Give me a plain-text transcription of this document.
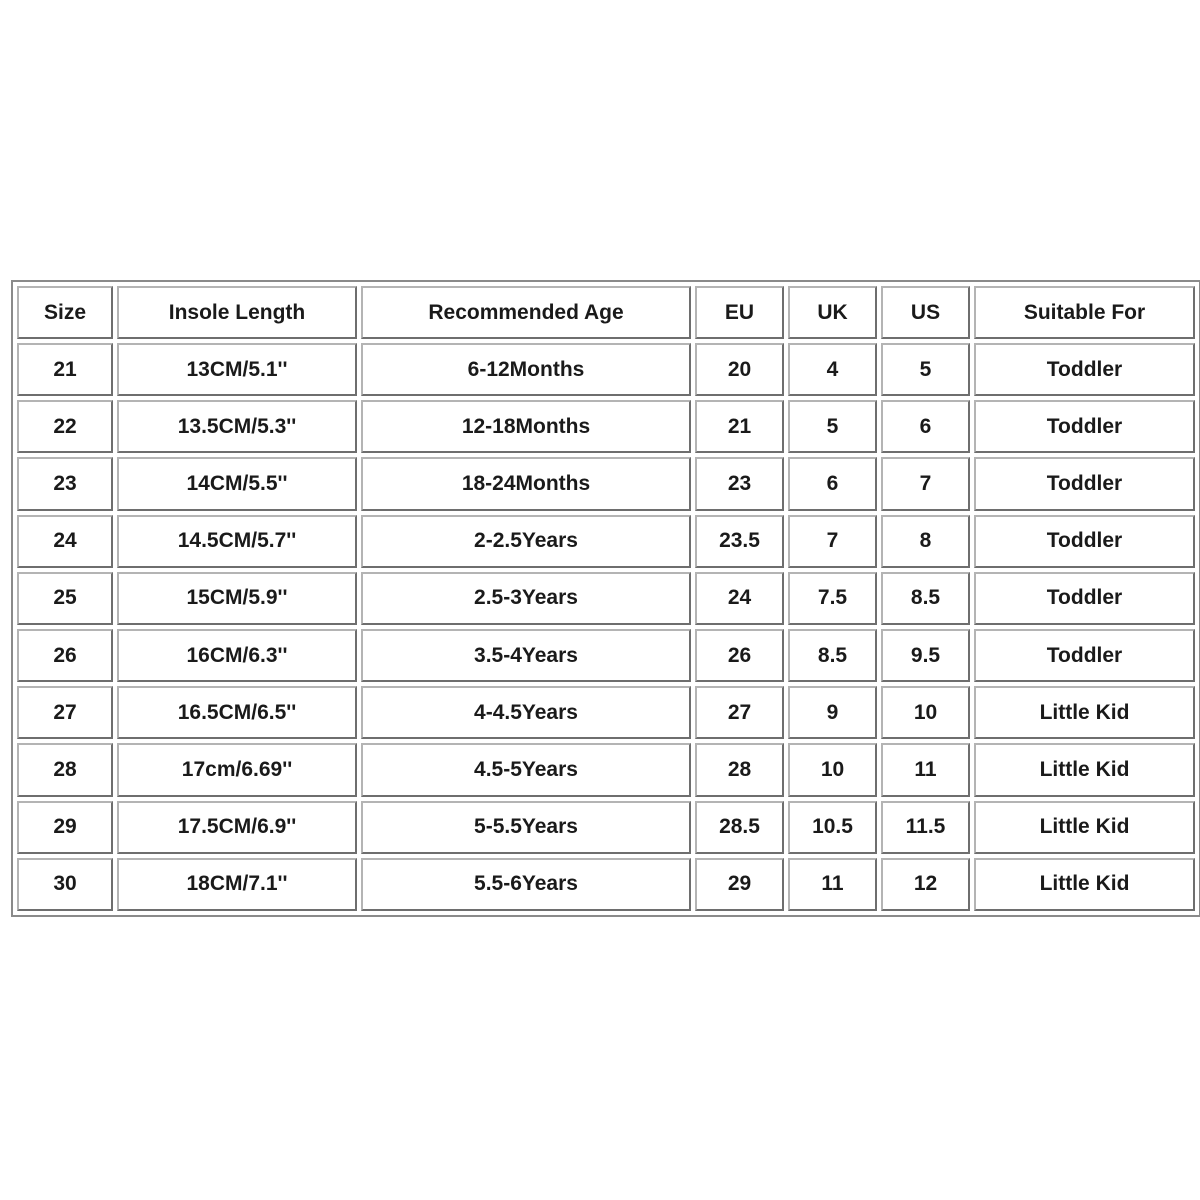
Size	Insole Length	Recommended Age	EU	UK	US	Suitable For
21	13CM/5.1''	6-12Months	20	4	5	Toddler
22	13.5CM/5.3''	12-18Months	21	5	6	Toddler
23	14CM/5.5''	18-24Months	23	6	7	Toddler
24	14.5CM/5.7''	2-2.5Years	23.5	7	8	Toddler
25	15CM/5.9''	2.5-3Years	24	7.5	8.5	Toddler
26	16CM/6.3''	3.5-4Years	26	8.5	9.5	Toddler
27	16.5CM/6.5''	4-4.5Years	27	9	10	Little Kid
28	17cm/6.69''	4.5-5Years	28	10	11	Little Kid
29	17.5CM/6.9''	5-5.5Years	28.5	10.5	11.5	Little Kid
30	18CM/7.1''	5.5-6Years	29	11	12	Little Kid
